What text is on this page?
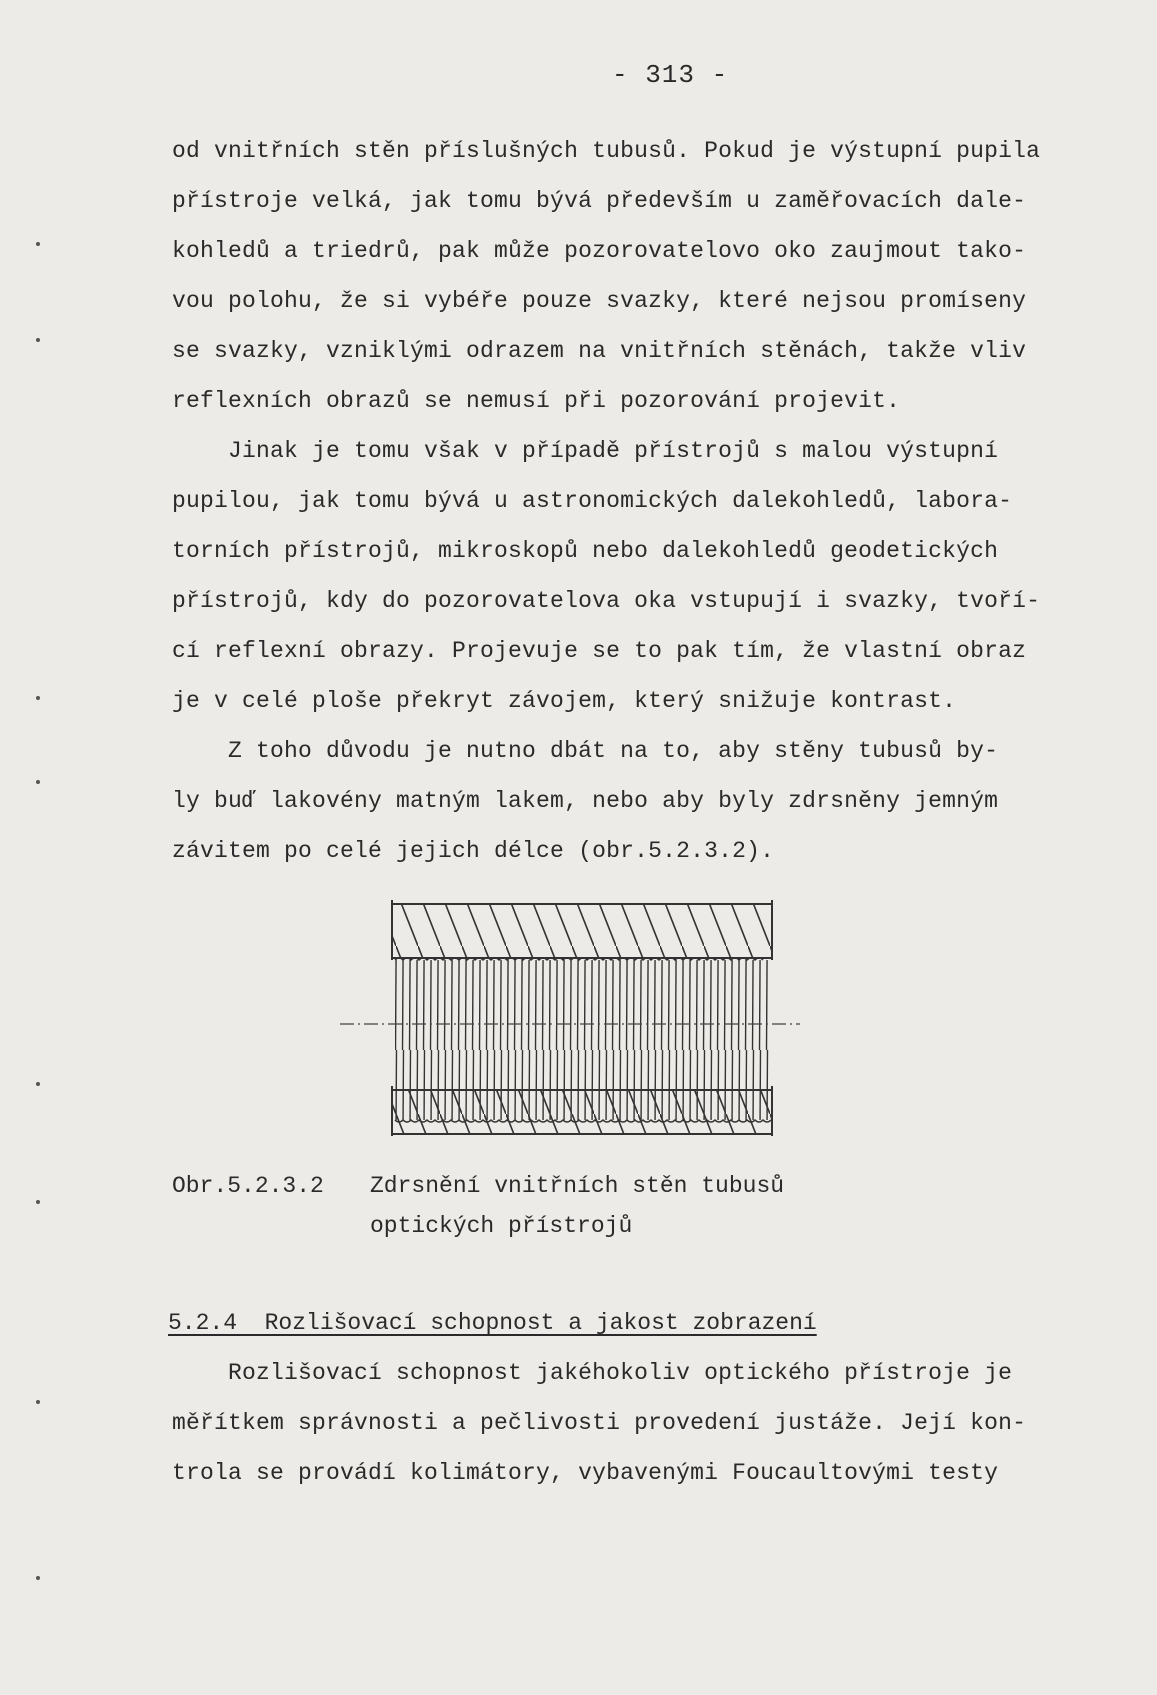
- 313 -
od vnitřních stěn příslušných tubusů. Pokud je výstupní pupila
přístroje velká, jak tomu bývá především u zaměřovacích dale-
kohledů a triedrů, pak může pozorovatelovo oko zaujmout tako-
vou polohu, že si vybéře pouze svazky, které nejsou promíseny
se svazky, vzniklými odrazem na vnitřních stěnách, takže vliv
reflexních obrazů se nemusí při pozorování projevit.
Jinak je tomu však v případě přístrojů s malou výstupní
pupilou, jak tomu bývá u astronomických dalekohledů, labora-
torních přístrojů, mikroskopů nebo dalekohledů geodetických
přístrojů, kdy do pozorovatelova oka vstupují i svazky, tvoří-
cí reflexní obrazy. Projevuje se to pak tím, že vlastní obraz
je v celé ploše překryt závojem, který snižuje kontrast.
Z toho důvodu je nutno dbát na to, aby stěny tubusů by-
ly buď lakovény matným lakem, nebo aby byly zdrsněny jemným
závitem po celé jejich délce (obr.5.2.3.2).
Obr.5.2.3.2 Zdrsnění vnitřních stěn tubusů
optických přístrojů
5.2.4  Rozlišovací schopnost a jakost zobrazení
Rozlišovací schopnost jakéhokoliv optického přístroje je
měřítkem správnosti a pečlivosti provedení justáže. Její kon-
trola se provádí kolimátory, vybavenými Foucaultovými testy
